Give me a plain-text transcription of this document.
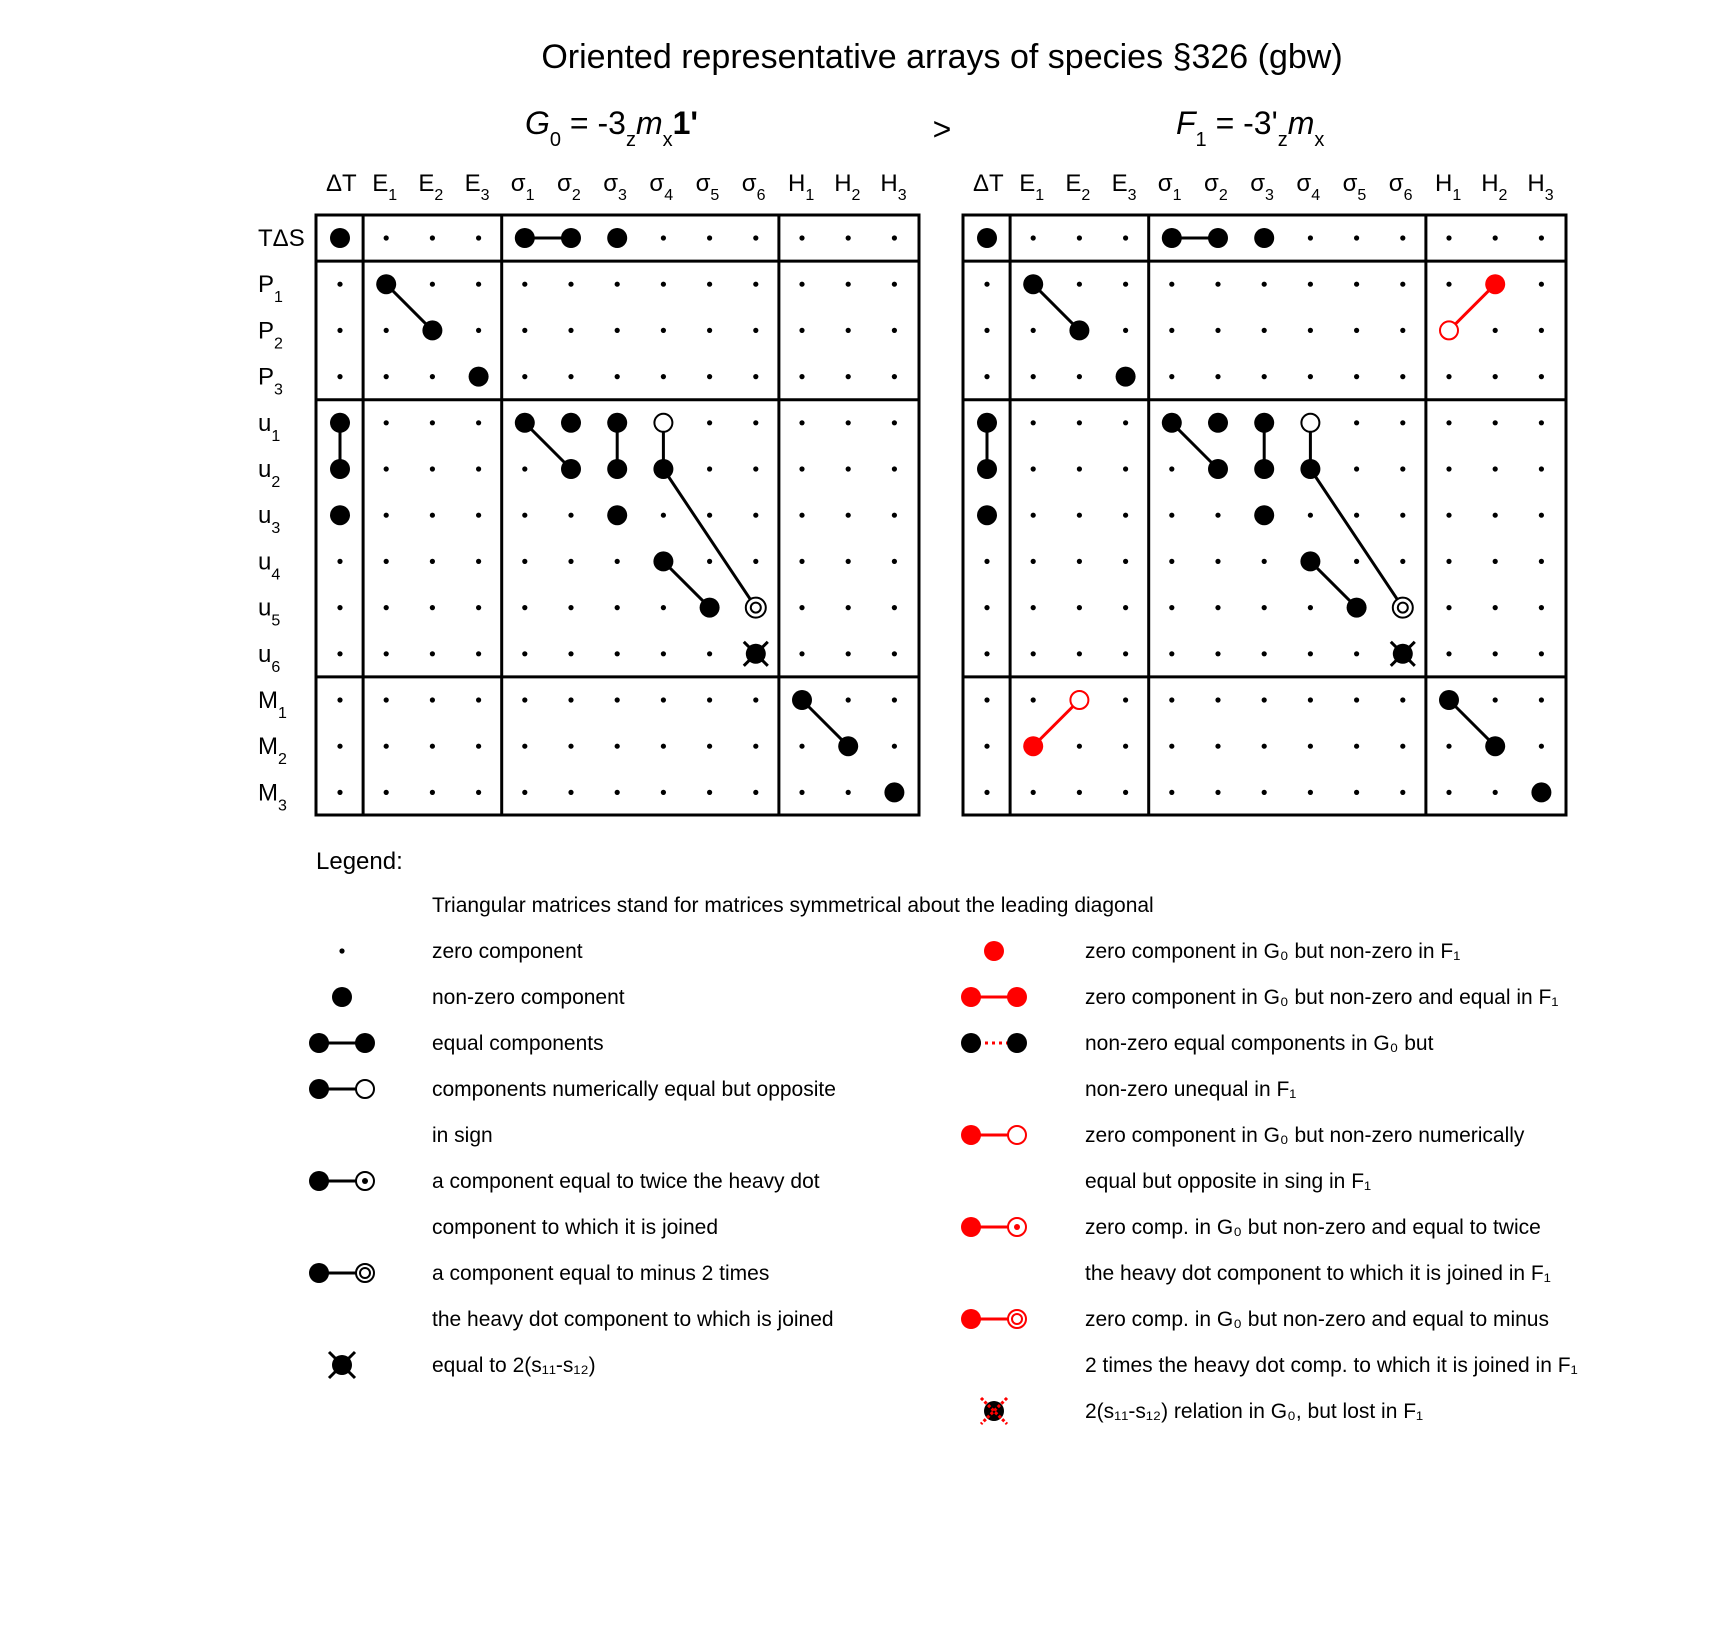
Oriented representative arrays of species §326 (gbw)
$G_0 = -3_zm_x1'$	>	$F_1 = -3'_zm_x$
ΔT $E_1$ $E_2$ $E_3$ $\sigma_1$ $\sigma_2$ $\sigma_3$ $\sigma_4$ $\sigma_5$ $\sigma_6$ $H_1$ $H_2$ $H_3$
TΔS
$P_1$
$P_2$
$P_3$
$u_1$
$u_2$
$u_3$
$u_4$
$u_5$
$u_6$
$M_1$
$M_2$
$M_3$
ΔT $E_1$ $E_2$ $E_3$ $\sigma_1$ $\sigma_2$ $\sigma_3$ $\sigma_4$ $\sigma_5$ $\sigma_6$ $H_1$ $H_2$ $H_3$
Legend:
Triangular matrices stand for matrices symmetrical about the leading diagonal
zero component
non-zero component
equal components
components numerically equal but opposite
in sign
a component equal to twice the heavy dot
component to which it is joined
a component equal to minus 2 times
the heavy dot component to which is joined
equal to 2(s₁₁-s₁₂)
zero component in G₀ but non-zero in F₁
zero component in G₀ but non-zero and equal in F₁
non-zero equal components in G₀ but
non-zero unequal in F₁
zero component in G₀ but non-zero numerically
equal but opposite in sing in F₁
zero comp. in G₀ but non-zero and equal to twice
the heavy dot component to which it is joined in F₁
zero comp. in G₀ but non-zero and equal to minus
2 times the heavy dot comp. to which it is joined in F₁
2(s₁₁-s₁₂) relation in G₀, but lost in F₁
